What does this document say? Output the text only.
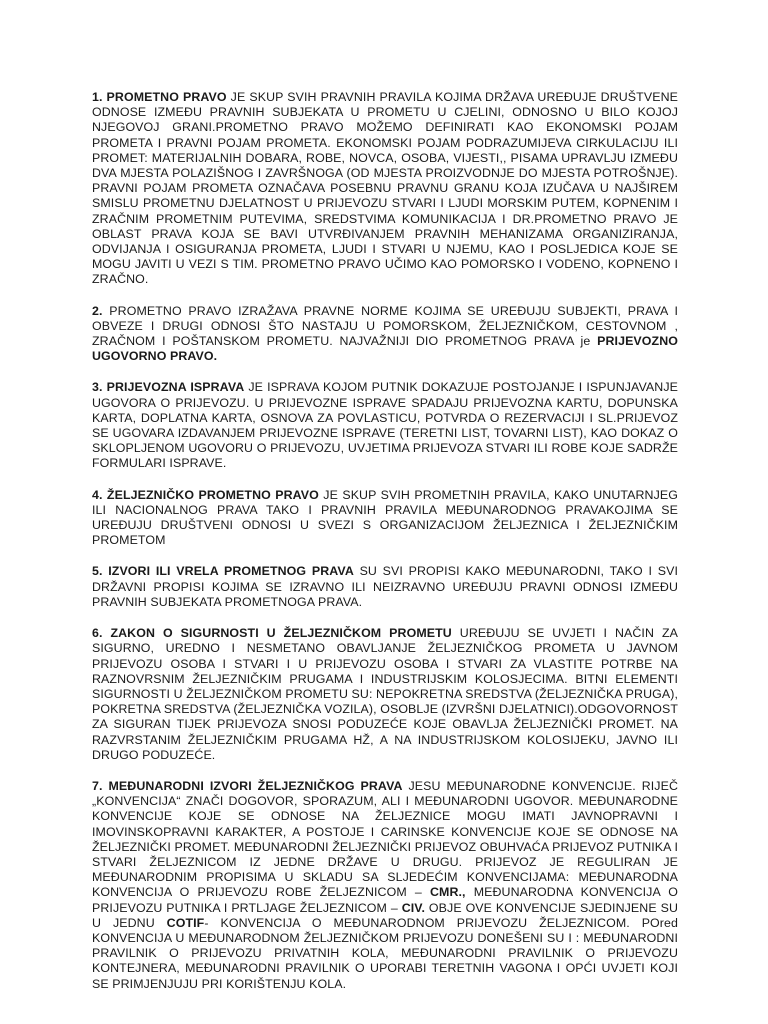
1. PROMETNO PRAVO JE SKUP SVIH PRAVNIH PRAVILA KOJIMA DRŽAVA UREĐUJE DRUŠTVENE ODNOSE IZMEĐU PRAVNIH SUBJEKATA U PROMETU U CJELINI, ODNOSNO U BILO KOJOJ NJEGOVOJ GRANI.PROMETNO PRAVO MOŽEMO DEFINIRATI KAO EKONOMSKI POJAM PROMETA I PRAVNI POJAM PROMETA. EKONOMSKI POJAM PODRAZUMIJEVA CIRKULACIJU ILI PROMET: MATERIJALNIH DOBARA, ROBE, NOVCA, OSOBA, VIJESTI,, PISAMA UPRAVLJU IZMEĐU DVA MJESTA POLAZIŠNOG I ZAVRŠNOGA (OD MJESTA PROIZVODNJE DO MJESTA POTROŠNJE). PRAVNI POJAM PROMETA OZNAČAVA POSEBNU PRAVNU GRANU KOJA IZUČAVA U NAJŠIREM SMISLU PROMETNU DJELATNOST U PRIJEVOZU STVARI I LJUDI MORSKIM PUTEM, KOPNENIM I ZRAČNIM PROMETNIM PUTEVIMA, SREDSTVIMA KOMUNIKACIJA I DR.PROMETNO PRAVO JE OBLAST PRAVA KOJA SE BAVI UTVRĐIVANJEM PRAVNIH MEHANIZAMA ORGANIZIRANJA, ODVIJANJA I OSIGURANJA PROMETA, LJUDI I STVARI U NJEMU, KAO I POSLJEDICA KOJE SE MOGU JAVITI U VEZI S TIM. PROMETNO PRAVO UČIMO KAO POMORSKO I VODENO, KOPNENO I ZRAČNO.

2. PROMETNO PRAVO IZRAŽAVA PRAVNE NORME KOJIMA SE UREĐUJU SUBJEKTI, PRAVA I OBVEZE I DRUGI ODNOSI ŠTO NASTAJU U POMORSKOM, ŽELJEZNIČKOM, CESTOVNOM , ZRAČNOM I POŠTANSKOM PROMETU. NAJVAŽNIJI DIO PROMETNOG PRAVA je PRIJEVOZNO UGOVORNO PRAVO.

3. PRIJEVOZNA ISPRAVA JE ISPRAVA KOJOM PUTNIK DOKAZUJE POSTOJANJE I ISPUNJAVANJE UGOVORA O PRIJEVOZU. U PRIJEVOZNE ISPRAVE SPADAJU PRIJEVOZNA KARTU, DOPUNSKA KARTA, DOPLATNA KARTA, OSNOVA ZA POVLASTICU, POTVRDA O REZERVACIJI I SL.PRIJEVOZ SE UGOVARA IZDAVANJEM PRIJEVOZNE ISPRAVE (TERETNI LIST, TOVARNI LIST), KAO DOKAZ O SKLOPLJENOM UGOVORU O PRIJEVOZU, UVJETIMA PRIJEVOZA STVARI ILI ROBE KOJE SADRŽE FORMULARI ISPRAVE.

4. ŽELJEZNIČKO PROMETNO PRAVO JE SKUP SVIH PROMETNIH PRAVILA, KAKO UNUTARNJEG ILI NACIONALNOG PRAVA TAKO I PRAVNIH PRAVILA MEĐUNARODNOG PRAVAKOJIMA SE UREĐUJU DRUŠTVENI ODNOSI U SVEZI S ORGANIZACIJOM ŽELJEZNICA I ŽELJEZNIČKIM PROMETOM

5. IZVORI ILI VRELA PROMETNOG PRAVA SU SVI PROPISI KAKO MEĐUNARODNI, TAKO I SVI DRŽAVNI PROPISI KOJIMA SE IZRAVNO ILI NEIZRAVNO UREĐUJU PRAVNI ODNOSI IZMEĐU PRAVNIH SUBJEKATA PROMETNOGA PRAVA.

6. ZAKON O SIGURNOSTI U ŽELJEZNIČKOM PROMETU UREĐUJU SE UVJETI I NAČIN ZA SIGURNO, UREDNO I NESMETANO OBAVLJANJE ŽELJEZNIČKOG PROMETA U JAVNOM PRIJEVOZU OSOBA I STVARI I U PRIJEVOZU OSOBA I STVARI ZA VLASTITE POTRBE NA RAZNOVRSNIM ŽELJEZNIČKIM PRUGAMA I INDUSTRIJSKIM KOLOSJECIMA. BITNI ELEMENTI SIGURNOSTI U ŽELJEZNIČKOM PROMETU SU: NEPOKRETNA SREDSTVA (ŽELJEZNIČKA PRUGA), POKRETNA SREDSTVA (ŽELJEZNIČKA VOZILA), OSOBLJE (IZVRŠNI DJELATNICI).ODGOVORNOST ZA SIGURAN TIJEK PRIJEVOZA SNOSI PODUZEĆE KOJE OBAVLJA ŽELJEZNIČKI PROMET. NA RAZVRSTANIM ŽELJEZNIČKIM PRUGAMA HŽ, A NA INDUSTRIJSKOM KOLOSIJEKU, JAVNO ILI DRUGO PODUZEĆE.

7. MEĐUNARODNI IZVORI ŽELJEZNIČKOG PRAVA JESU MEĐUNARODNE KONVENCIJE. RIJEČ „KONVENCIJA“ ZNAČI DOGOVOR, SPORAZUM, ALI I MEĐUNARODNI UGOVOR. MEĐUNARODNE KONVENCIJE KOJE SE ODNOSE NA ŽELJEZNICE MOGU IMATI JAVNOPRAVNI I IMOVINSKOPRAVNI KARAKTER, A POSTOJE I CARINSKE KONVENCIJE KOJE SE ODNOSE NA ŽELJEZNIČKI PROMET. MEĐUNARODNI ŽELJEZNIČKI PRIJEVOZ OBUHVAĆA PRIJEVOZ PUTNIKA I STVARI ŽELJEZNICOM IZ JEDNE DRŽAVE U DRUGU. PRIJEVOZ JE REGULIRAN JE MEĐUNARODNIM PROPISIMA U SKLADU SA SLJEDEĆIM KONVENCIJAMA: MEĐUNARODNA KONVENCIJA O PRIJEVOZU ROBE ŽELJEZNICOM – CMR., MEĐUNARODNA KONVENCIJA O PRIJEVOZU PUTNIKA I PRTLJAGE ŽELJEZNICOM – CIV. OBJE OVE KONVENCIJE SJEDINJENE SU U JEDNU COTIF- KONVENCIJA O MEĐUNARODNOM PRIJEVOZU ŽELJEZNICOM. POred KONVENCIJA U MEĐUNARODNOM ŽELJEZNIČKOM PRIJEVOZU DONEŠENI SU I : MEĐUNARODNI PRAVILNIK O PRIJEVOZU PRIVATNIH KOLA, MEĐUNARODNI PRAVILNIK O PRIJEVOZU KONTEJNERA, MEĐUNARODNI PRAVILNIK O UPORABI TERETNIH VAGONA I OPĆI UVJETI KOJI SE PRIMJENJUJU PRI KORIŠTENJU KOLA.
